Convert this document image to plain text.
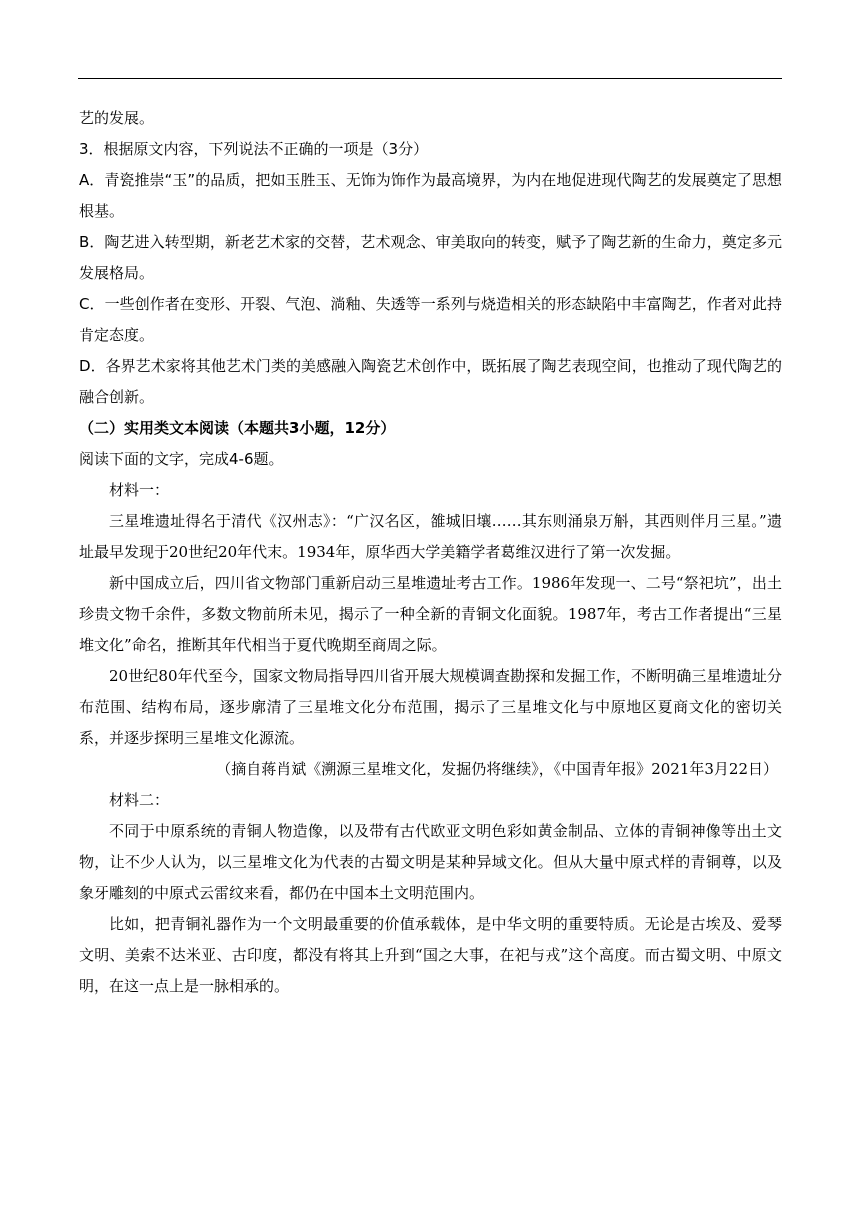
艺的发展。

3．根据原文内容，下列说法不正确的一项是（3分）

A．青瓷推崇“玉”的品质，把如玉胜玉、无饰为饰作为最高境界，为内在地促进现代陶艺的发展奠定了思想根基。

B．陶艺进入转型期，新老艺术家的交替，艺术观念、审美取向的转变，赋予了陶艺新的生命力，奠定多元发展格局。

C．一些创作者在变形、开裂、气泡、淌釉、失透等一系列与烧造相关的形态缺陷中丰富陶艺，作者对此持肯定态度。

D．各界艺术家将其他艺术门类的美感融入陶瓷艺术创作中，既拓展了陶艺表现空间，也推动了现代陶艺的融合创新。

（二）实用类文本阅读（本题共3小题，12分）

阅读下面的文字，完成4-6题。

材料一：

三星堆遗址得名于清代《汉州志》：“广汉名区，雒城旧壤……其东则涌泉万斛，其西则伴月三星。”遗址最早发现于20世纪20年代末。1934年，原华西大学美籍学者葛维汉进行了第一次发掘。

新中国成立后，四川省文物部门重新启动三星堆遗址考古工作。1986年发现一、二号“祭祀坑”，出土珍贵文物千余件，多数文物前所未见，揭示了一种全新的青铜文化面貌。1987年，考古工作者提出“三星堆文化”命名，推断其年代相当于夏代晚期至商周之际。

20世纪80年代至今，国家文物局指导四川省开展大规模调查勘探和发掘工作，不断明确三星堆遗址分布范围、结构布局，逐步廓清了三星堆文化分布范围，揭示了三星堆文化与中原地区夏商文化的密切关系，并逐步探明三星堆文化源流。

（摘自蒋肖斌《溯源三星堆文化，发掘仍将继续》，《中国青年报》2021年3月22日）

材料二：

不同于中原系统的青铜人物造像，以及带有古代欧亚文明色彩如黄金制品、立体的青铜神像等出土文物，让不少人认为，以三星堆文化为代表的古蜀文明是某种异域文化。但从大量中原式样的青铜尊，以及象牙雕刻的中原式云雷纹来看，都仍在中国本土文明范围内。

比如，把青铜礼器作为一个文明最重要的价值承载体，是中华文明的重要特质。无论是古埃及、爱琴文明、美索不达米亚、古印度，都没有将其上升到“国之大事，在祀与戎”这个高度。而古蜀文明、中原文明，在这一点上是一脉相承的。
